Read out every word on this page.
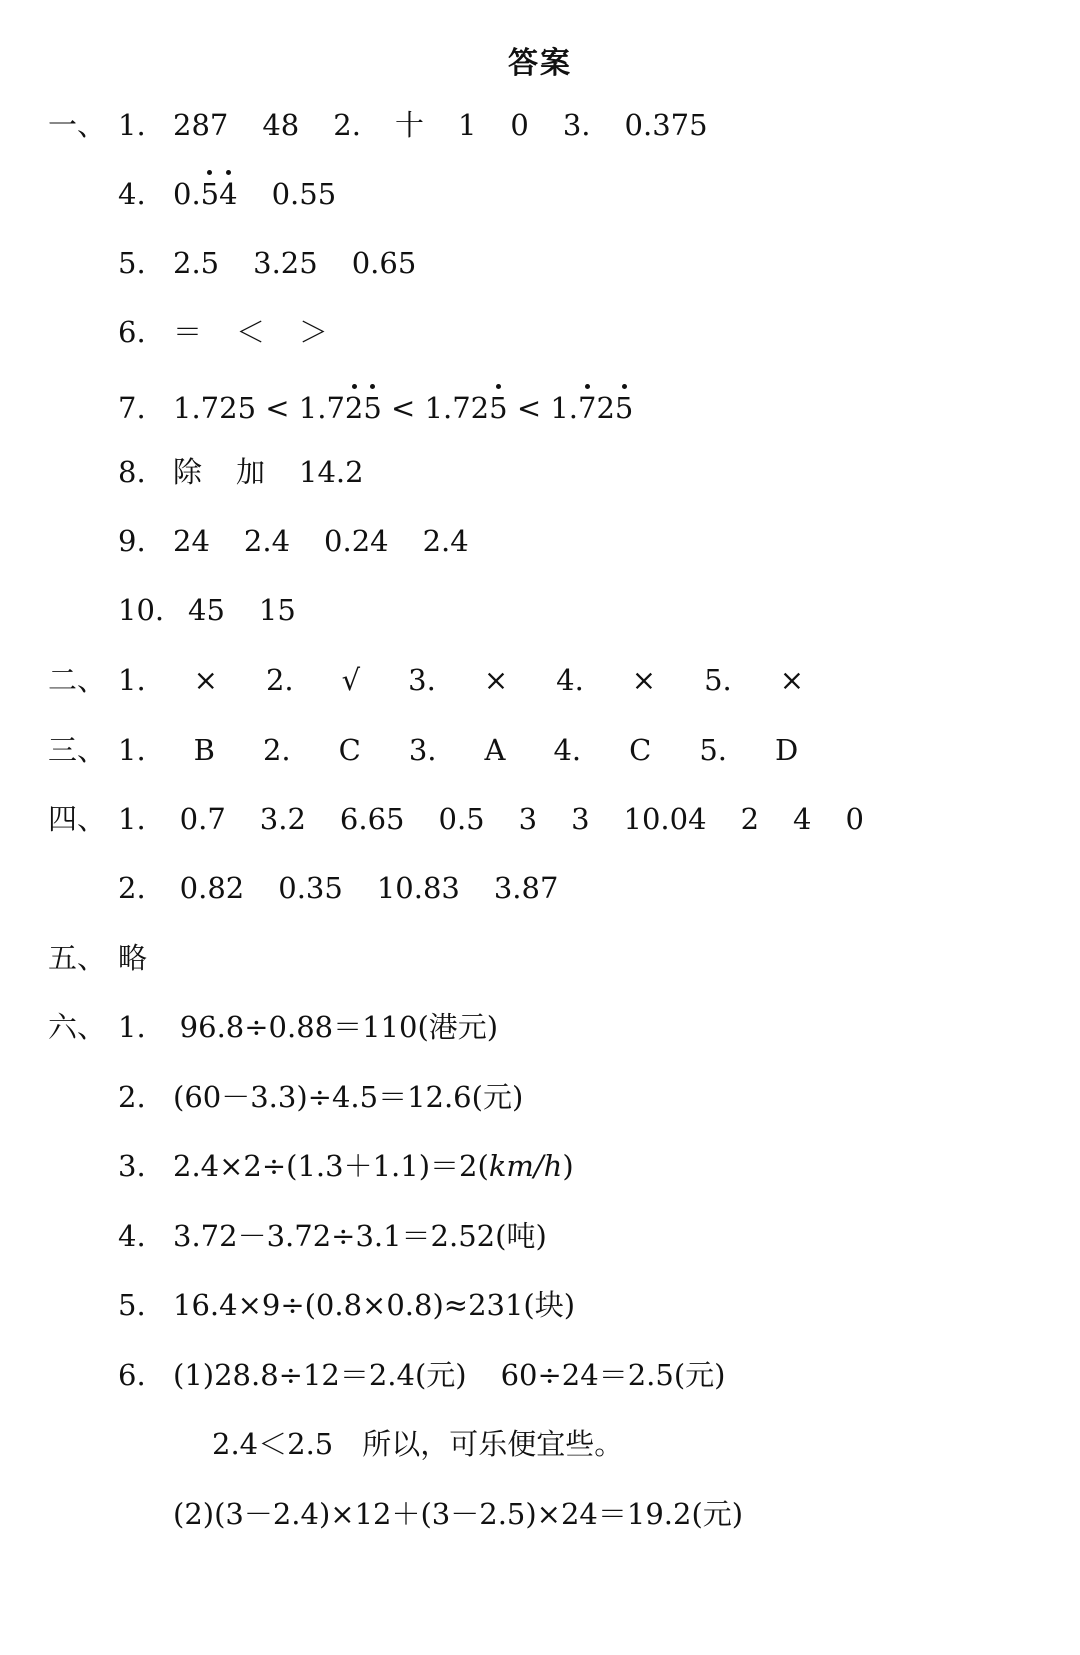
答案
一、 1. 287 48 2. 十 1 0 3. 0.375
4. 0.54 0.55
5. 2.5 3.25 0.65
6. ＝ ＜ ＞
7. 1.725 < 1.725 < 1.725 < 1.725
8. 除 加 14.2
9. 24 2.4 0.24 2.4
10. 45 15
二、 1. × 2. √ 3. × 4. × 5. ×
三、 1. B 2. C 3. A 4. C 5. D
四、 1. 0.7 3.2 6.65 0.5 3 3 10.04 2 4 0
2. 0.82 0.35 10.83 3.87
五、 略
六、 1. 96.8÷0.88＝110(港元)
2. (60－3.3)÷4.5＝12.6(元)
3. 2.4×2÷(1.3＋1.1)＝2(km/h)
4. 3.72－3.72÷3.1＝2.52(吨)
5. 16.4×9÷(0.8×0.8)≈231(块)
6. (1)28.8÷12＝2.4(元) 60÷24＝2.5(元)
2.4＜2.5　所以，可乐便宜些。
(2)(3－2.4)×12＋(3－2.5)×24＝19.2(元)
